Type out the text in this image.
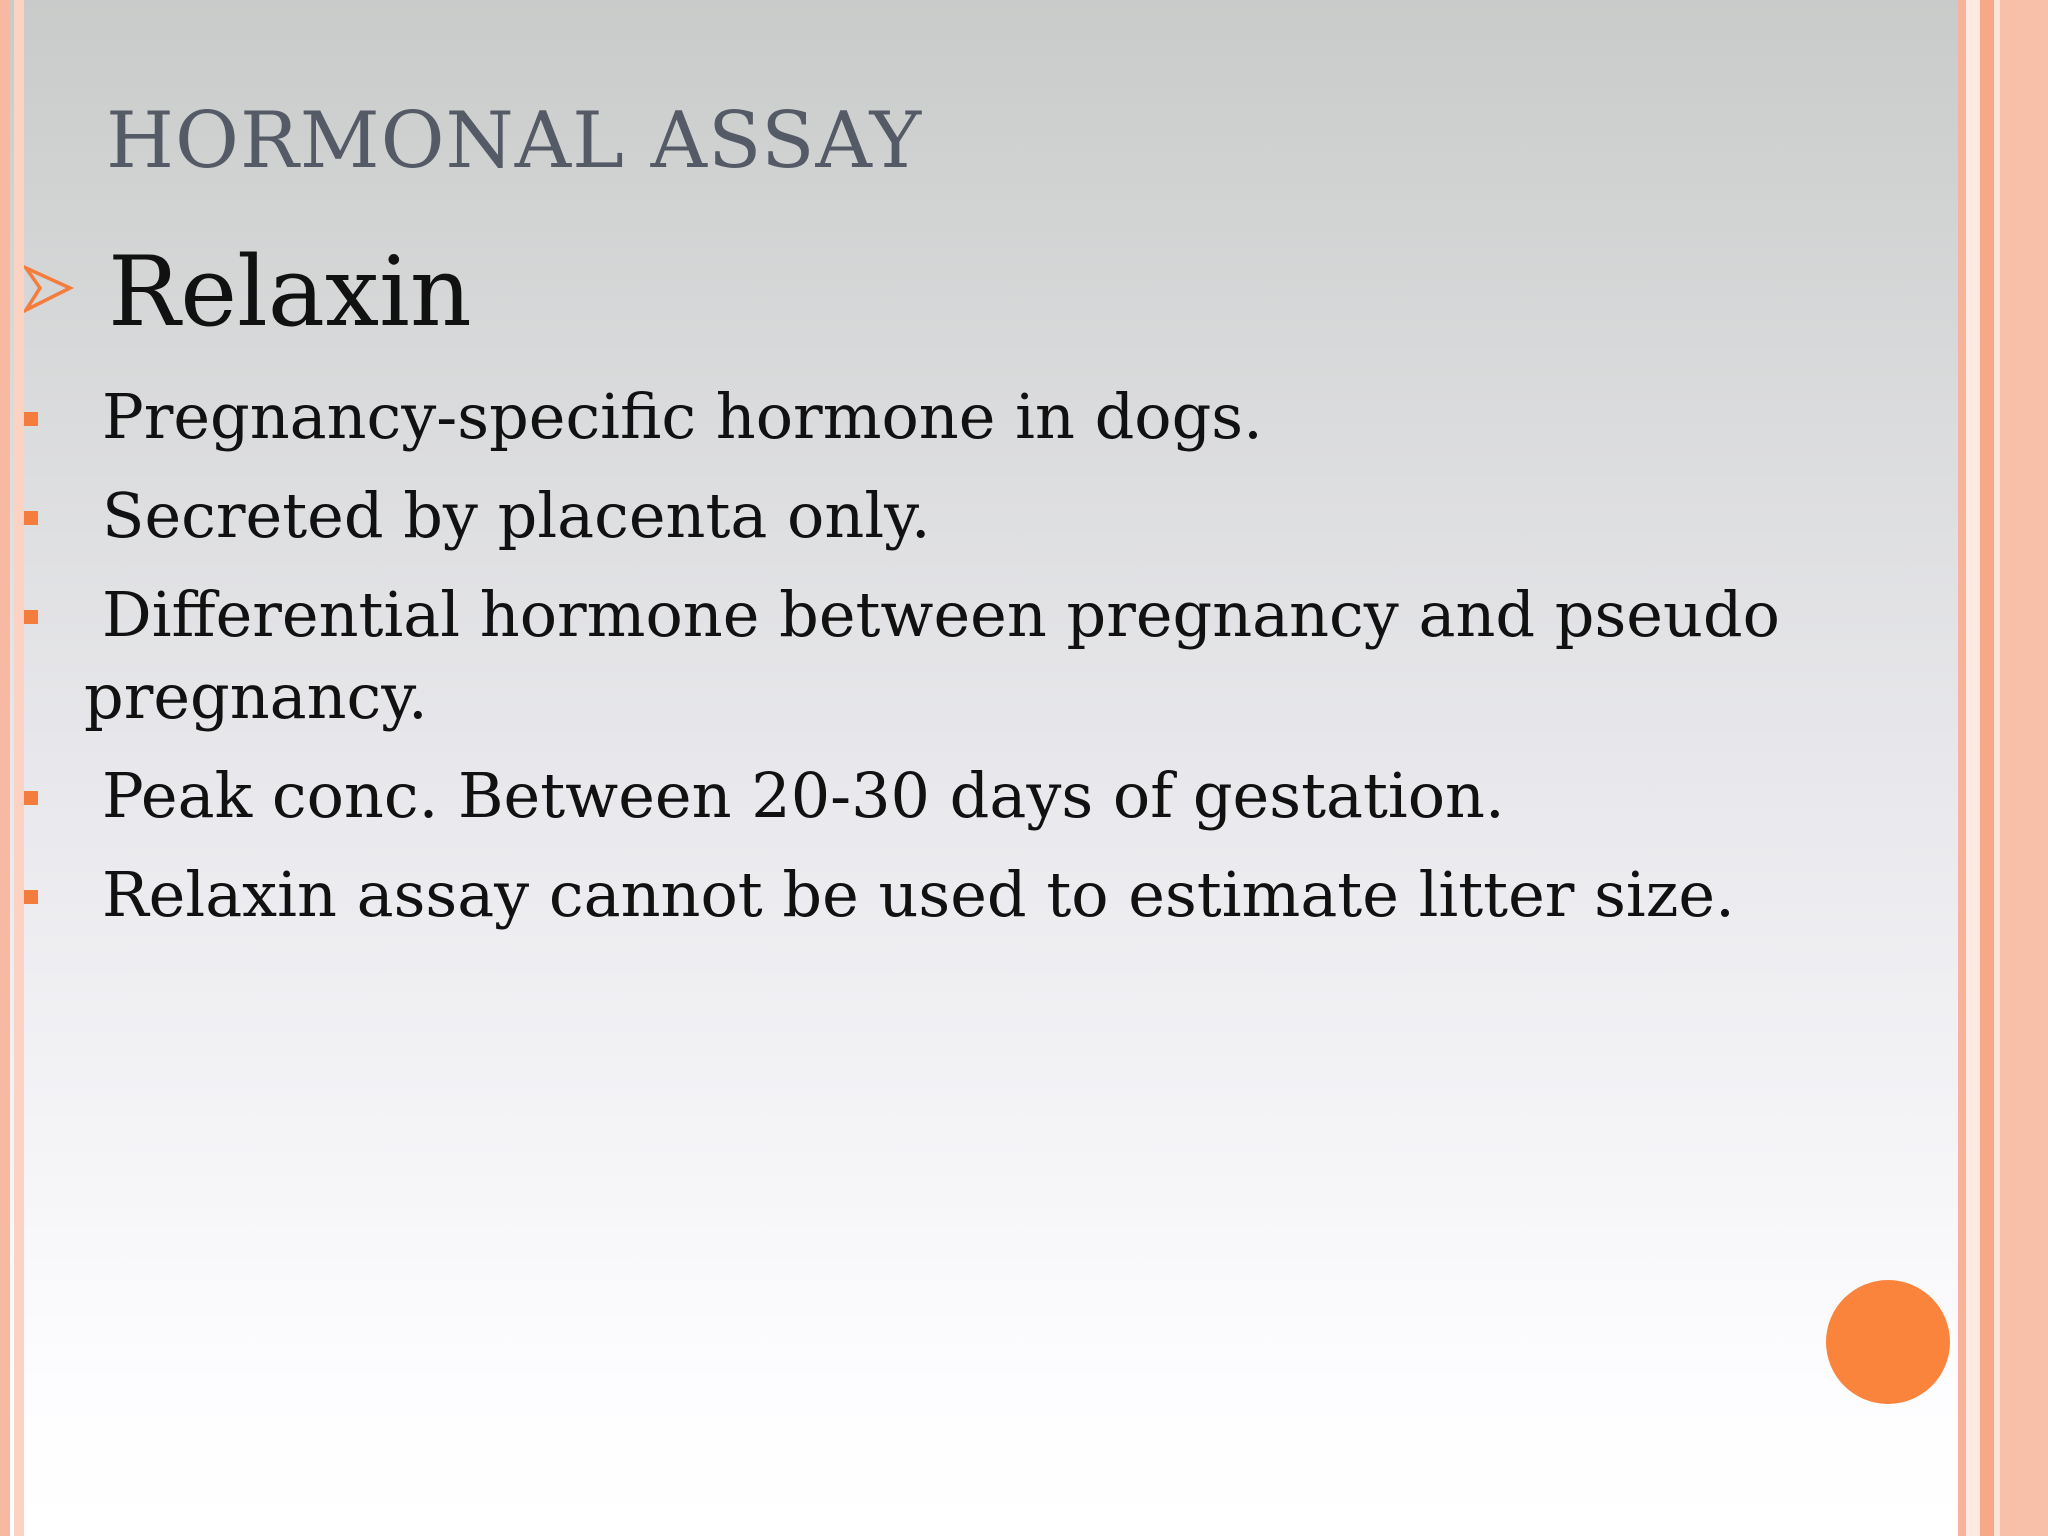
HORMONAL ASSAY
Relaxin
Pregnancy-specific hormone in dogs.
Secreted by placenta only.
Differential hormone between pregnancy and pseudo pregnancy.
Peak conc. Between 20-30 days of gestation.
Relaxin assay cannot be used to estimate litter size.
